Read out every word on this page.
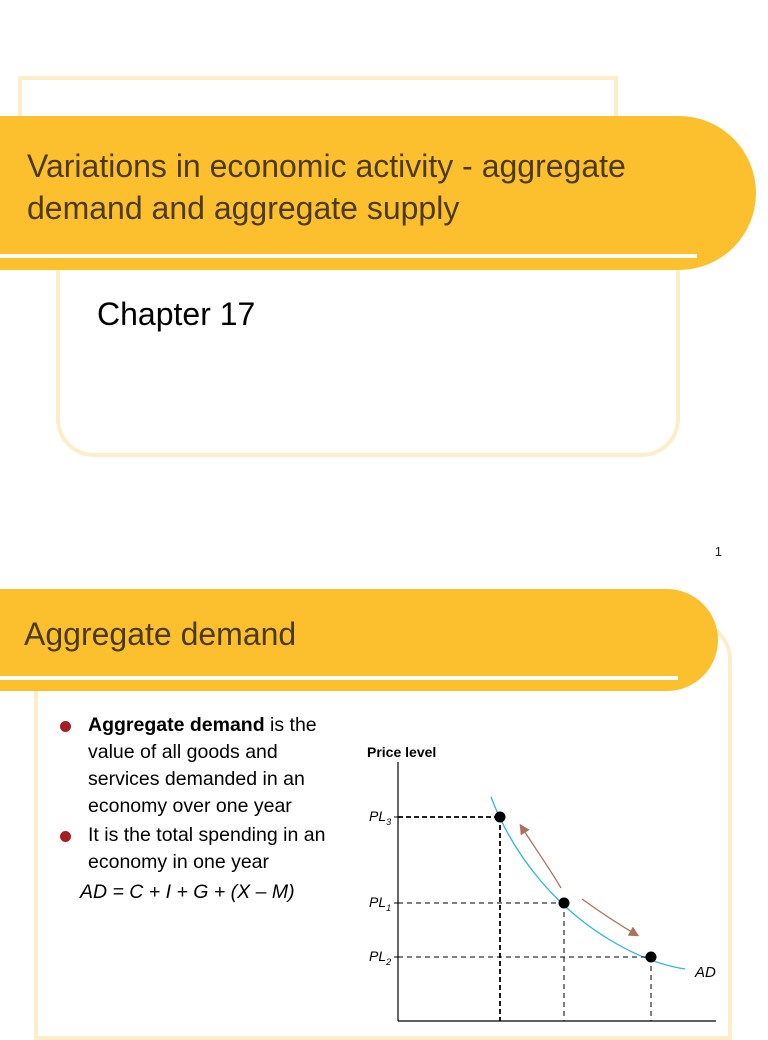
Variations in economic activity - aggregate demand and aggregate supply
Chapter 17
1
Aggregate demand
Aggregate demand is the value of all goods and services demanded in an economy over one year
It is the total spending in an economy in one year
AD = C + I + G + (X – M)
Price level
AD
$PL_3$
$PL_1$
$PL_2$
